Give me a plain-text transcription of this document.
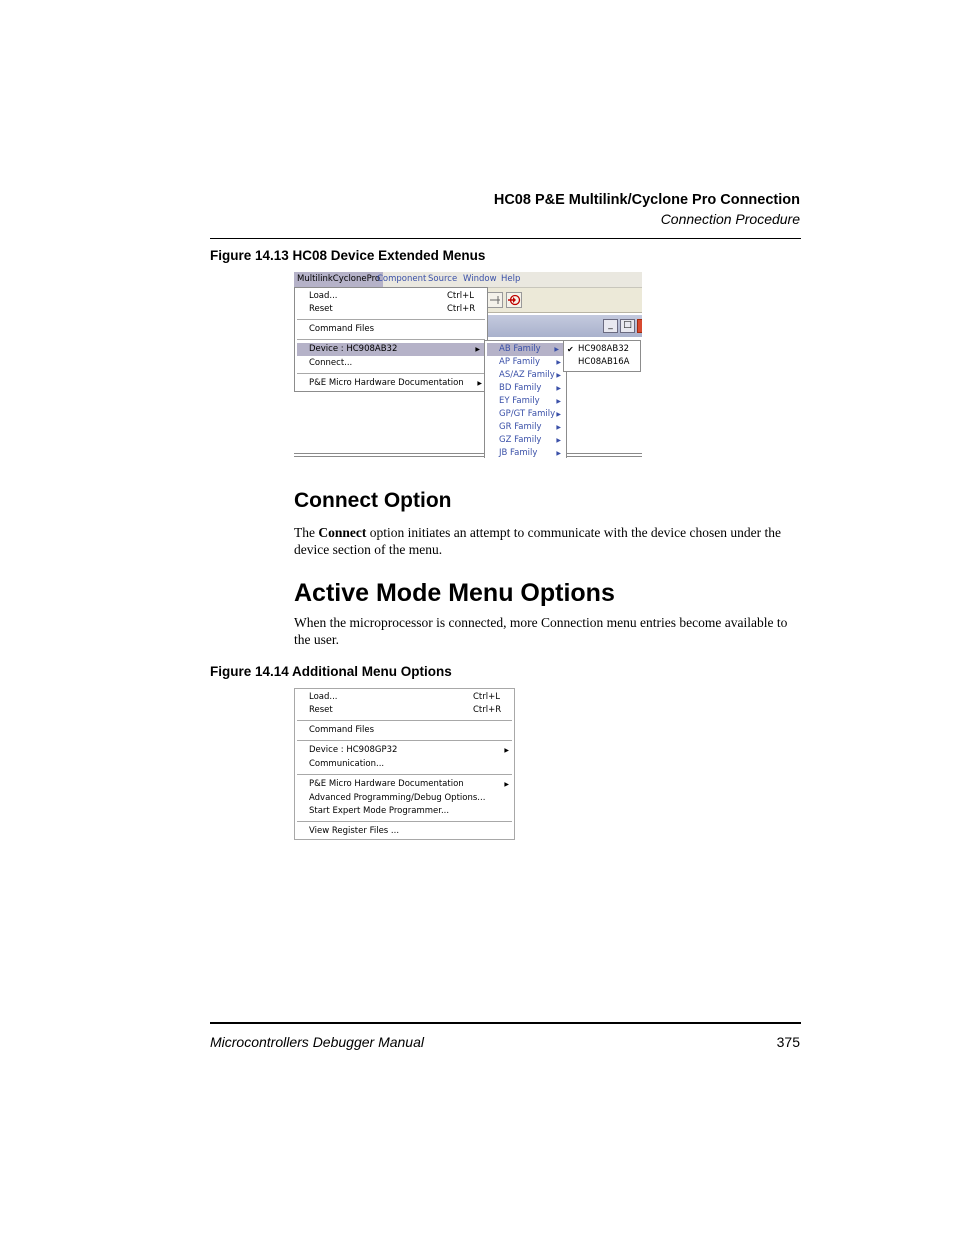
HC08 P&E Multilink/Cyclone Pro Connection
Connection Procedure
Figure 14.13 HC08 Device Extended Menus
MultilinkCyclonePro
Component Source Window Help
_	□
Load...	Ctrl+L
Reset	Ctrl+R
Command Files
Device : HC908AB32	▶
Connect...
P&E Micro Hardware Documentation ▶
AB Family ▶
AP Family	▶
AS/AZ Family ▶
BD Family ▶
EY Family	▶
GP/GT Family ▶
GR Family ▶
GZ Family ▶
JB Family	▶
✔ HC908AB32
HC08AB16A
Connect Option
The Connect option initiates an attempt to communicate with the device chosen under the device section of the menu.
Active Mode Menu Options
When the microprocessor is connected, more Connection menu entries become available to the user.
Figure 14.14 Additional Menu Options
Load...	Ctrl+L
Reset	Ctrl+R
Command Files
Device : HC908GP32	▶
Communication...
P&E Micro Hardware Documentation	▶
Advanced Programming/Debug Options...
Start Expert Mode Programmer...
View Register Files ...
Microcontrollers Debugger Manual	375
